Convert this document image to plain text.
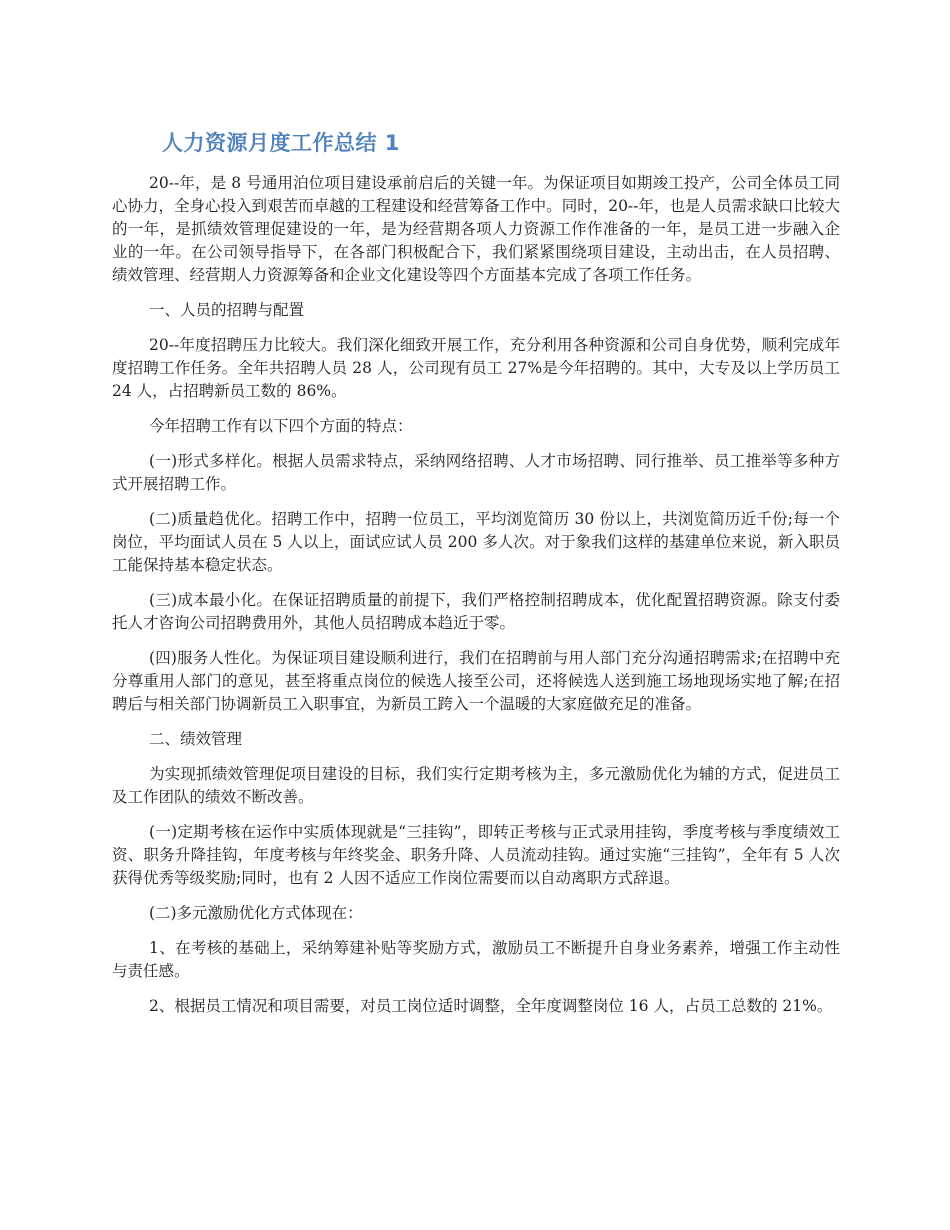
人力资源月度工作总结 1

20--年，是 8 号通用泊位项目建设承前启后的关键一年。为保证项目如期竣工投产，公司全体员工同心协力，全身心投入到艰苦而卓越的工程建设和经营筹备工作中。同时，20--年，也是人员需求缺口比较大的一年，是抓绩效管理促建设的一年，是为经营期各项人力资源工作作准备的一年，是员工进一步融入企业的一年。在公司领导指导下，在各部门积极配合下，我们紧紧围绕项目建设，主动出击，在人员招聘、绩效管理、经营期人力资源筹备和企业文化建设等四个方面基本完成了各项工作任务。

一、人员的招聘与配置

20--年度招聘压力比较大。我们深化细致开展工作，充分利用各种资源和公司自身优势，顺利完成年度招聘工作任务。全年共招聘人员 28 人，公司现有员工 27%是今年招聘的。其中，大专及以上学历员工 24 人，占招聘新员工数的 86%。

今年招聘工作有以下四个方面的特点：

(一)形式多样化。根据人员需求特点，采纳网络招聘、人才市场招聘、同行推举、员工推举等多种方式开展招聘工作。

(二)质量趋优化。招聘工作中，招聘一位员工，平均浏览简历 30 份以上，共浏览简历近千份;每一个岗位，平均面试人员在 5 人以上，面试应试人员 200 多人次。对于象我们这样的基建单位来说，新入职员工能保持基本稳定状态。

(三)成本最小化。在保证招聘质量的前提下，我们严格控制招聘成本，优化配置招聘资源。除支付委托人才咨询公司招聘费用外，其他人员招聘成本趋近于零。

(四)服务人性化。为保证项目建设顺利进行，我们在招聘前与用人部门充分沟通招聘需求;在招聘中充分尊重用人部门的意见，甚至将重点岗位的候选人接至公司，还将候选人送到施工场地现场实地了解;在招聘后与相关部门协调新员工入职事宜，为新员工跨入一个温暖的大家庭做充足的准备。

二、绩效管理

为实现抓绩效管理促项目建设的目标，我们实行定期考核为主，多元激励优化为辅的方式，促进员工及工作团队的绩效不断改善。

(一)定期考核在运作中实质体现就是“三挂钩”，即转正考核与正式录用挂钩，季度考核与季度绩效工资、职务升降挂钩，年度考核与年终奖金、职务升降、人员流动挂钩。通过实施“三挂钩”，全年有 5 人次获得优秀等级奖励;同时，也有 2 人因不适应工作岗位需要而以自动离职方式辞退。

(二)多元激励优化方式体现在：

1、在考核的基础上，采纳筹建补贴等奖励方式，激励员工不断提升自身业务素养，增强工作主动性与责任感。

2、根据员工情况和项目需要，对员工岗位适时调整，全年度调整岗位 16 人，占员工总数的 21%。
